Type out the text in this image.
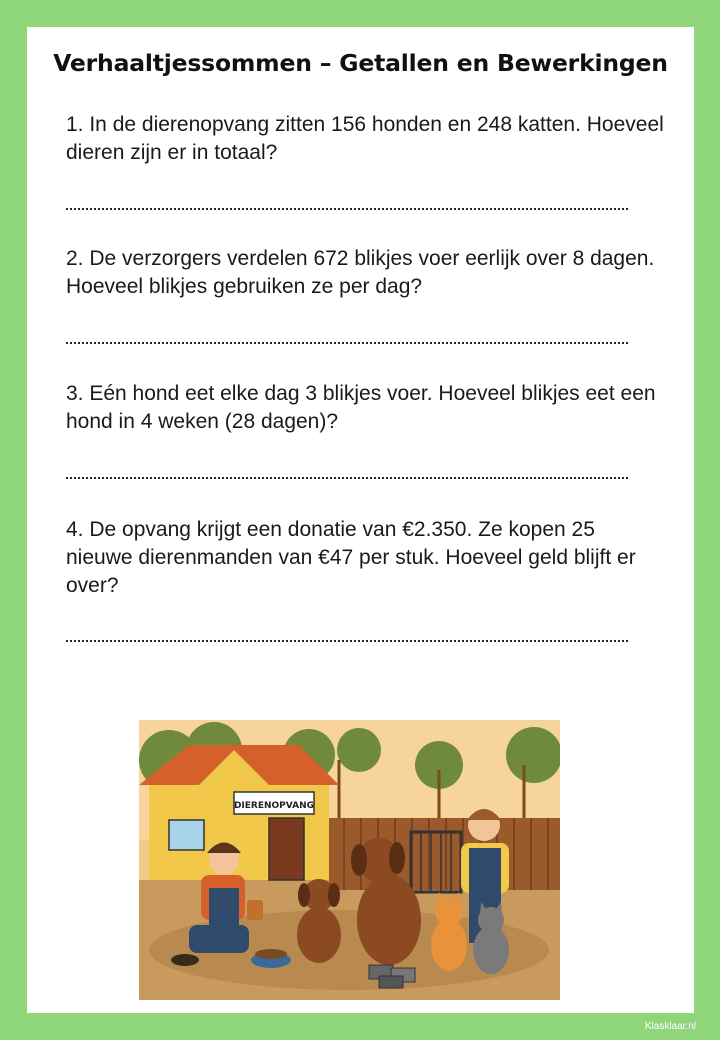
Verhaaltjessommen – Getallen en Bewerkingen
1. In de dierenopvang zitten 156 honden en 248 katten. Hoeveel dieren zijn er in totaal?
2. De verzorgers verdelen 672 blikjes voer eerlijk over 8 dagen. Hoeveel blikjes gebruiken ze per dag?
3. Eén hond eet elke dag 3 blikjes voer. Hoeveel blikjes eet een hond in 4 weken (28 dagen)?
4. De opvang krijgt een donatie van €2.350. Ze kopen 25 nieuwe dierenmanden van €47 per stuk. Hoeveel geld blijft er over?
DIERENOPVANG
Klasklaar.nl
